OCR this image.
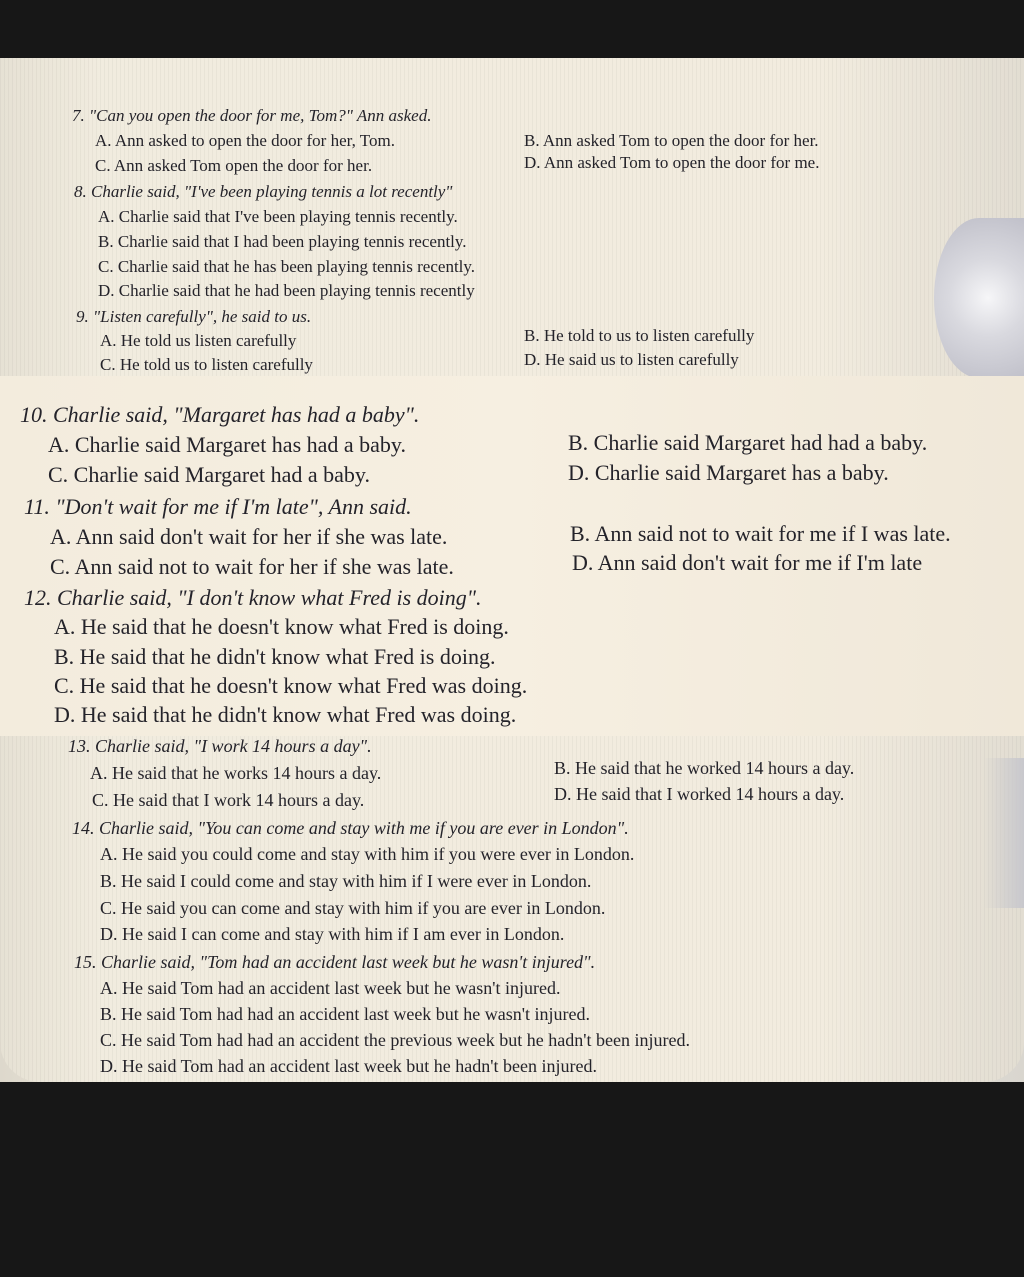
7. "Can you open the door for me, Tom?" Ann asked.
A. Ann asked to open the door for her, Tom.	B. Ann asked Tom to open the door for her.
C. Ann asked Tom open the door for her.	D. Ann asked Tom to open the door for me.
8. Charlie said, "I've been playing tennis a lot recently"
A. Charlie said that I've been playing tennis recently.
B. Charlie said that I had been playing tennis recently.
C. Charlie said that he has been playing tennis recently.
D. Charlie said that he had been playing tennis recently
9. "Listen carefully", he said to us.
A. He told us listen carefully	B. He told to us to listen carefully
C. He told us to listen carefully	D. He said us to listen carefully
10. Charlie said, "Margaret has had a baby".
A. Charlie said Margaret has had a baby.	B. Charlie said Margaret had had a baby.
C. Charlie said Margaret had a baby.	D. Charlie said Margaret has a baby.
11. "Don't wait for me if I'm late", Ann said.
A. Ann said don't wait for her if she was late.	B. Ann said not to wait for me if I was late.
C. Ann said not to wait for her if she was late.	D. Ann said don't wait for me if I'm late
12. Charlie said, "I don't know what Fred is doing".
A. He said that he doesn't know what Fred is doing.
B. He said that he didn't know what Fred is doing.
C. He said that he doesn't know what Fred was doing.
D. He said that he didn't know what Fred was doing.
13. Charlie said, "I work 14 hours a day".
A. He said that he works 14 hours a day.	B. He said that he worked 14 hours a day.
C. He said that I work 14 hours a day.	D. He said that I worked 14 hours a day.
14. Charlie said, "You can come and stay with me if you are ever in London".
A. He said you could come and stay with him if you were ever in London.
B. He said I could come and stay with him if I were ever in London.
C. He said you can come and stay with him if you are ever in London.
D. He said I can come and stay with him if I am ever in London.
15. Charlie said, "Tom had an accident last week but he wasn't injured".
A. He said Tom had an accident last week but he wasn't injured.
B. He said Tom had had an accident last week but he wasn't injured.
C. He said Tom had had an accident the previous week but he hadn't been injured.
D. He said Tom had an accident last week but he hadn't been injured.
